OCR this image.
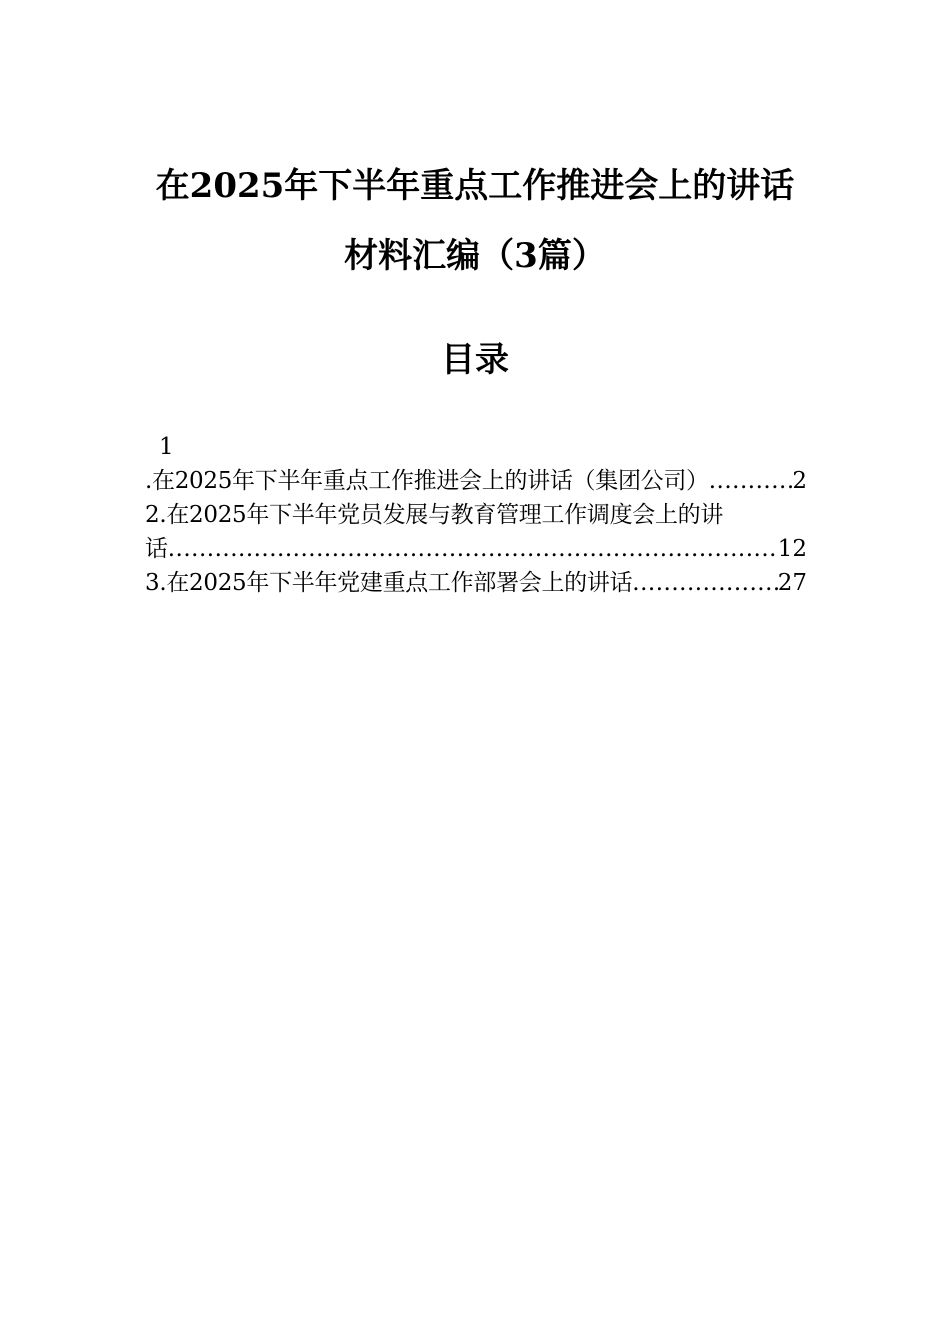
在2025年下半年重点工作推进会上的讲话
材料汇编（3篇）
目录
1
.在2025年下半年重点工作推进会上的讲话（集团公司） .....	2
2.在2025年下半年党员发展与教育管理工作调度会上的讲
话 .....	12
3.在2025年下半年党建重点工作部署会上的讲话 .....	27
